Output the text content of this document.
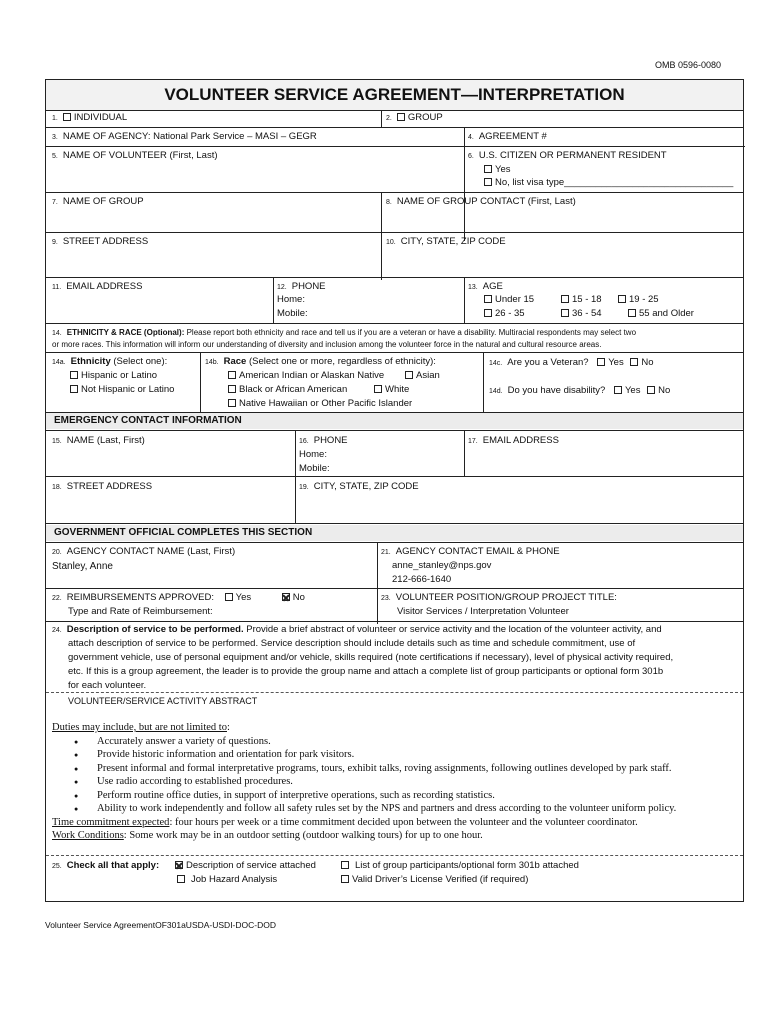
OMB 0596-0080
VOLUNTEER SERVICE AGREEMENT—INTERPRETATION
1. INDIVIDUAL	2. GROUP
3. NAME OF AGENCY: National Park Service – MASI – GEGR	4. AGREEMENT #
5. NAME OF VOLUNTEER (First, Last)	6. U.S. CITIZEN OR PERMANENT RESIDENT
Yes
No, list visa type________________________________
7. NAME OF GROUP	8. NAME OF GROUP CONTACT (First, Last)
9. STREET ADDRESS	10. CITY, STATE, ZIP CODE
11. EMAIL ADDRESS	12. PHONE
Home:
Mobile:
13. AGE
Under 15	15 - 18	19 - 25
26 - 35	36 - 54	55 and Older
14. ETHNICITY & RACE (Optional): Please report both ethnicity and race and tell us if you are a veteran or have a disability. Multiracial respondents may select two
or more races. This information will inform our understanding of diversity and inclusion among the volunteer force in the natural and cultural resource areas.
14a. Ethnicity (Select one):
Hispanic or Latino
Not Hispanic or Latino
14b. Race (Select one or more, regardless of ethnicity):
American Indian or Alaskan Native	Asian
Black or African American	White
Native Hawaiian or Other Pacific Islander
14c. Are you a Veteran? Yes No
14d. Do you have disability? Yes No
EMERGENCY CONTACT INFORMATION
15. NAME (Last, First)	16. PHONE
Home:
Mobile:
17. EMAIL ADDRESS
18. STREET ADDRESS	19. CITY, STATE, ZIP CODE
GOVERNMENT OFFICIAL COMPLETES THIS SECTION
20. AGENCY CONTACT NAME (Last, First)
Stanley, Anne
21. AGENCY CONTACT EMAIL & PHONE
anne_stanley@nps.gov
212-666-1640
22. REIMBURSEMENTS APPROVED: Yes	No
Type and Rate of Reimbursement:
23. VOLUNTEER POSITION/GROUP PROJECT TITLE:
Visitor Services / Interpretation Volunteer
24. Description of service to be performed. Provide a brief abstract of volunteer or service activity and the location of the volunteer activity, and
attach description of service to be performed. Service description should include details such as time and schedule commitment, use of
government vehicle, use of personal equipment and/or vehicle, skills required (note certifications if necessary), level of physical activity required,
etc. If this is a group agreement, the leader is to provide the group name and attach a complete list of group participants or optional form 301b
for each volunteer.
VOLUNTEER/SERVICE ACTIVITY ABSTRACT
Duties may include, but are not limited to:
● Accurately answer a variety of questions.
● Provide historic information and orientation for park visitors.
● Present informal and formal interpretative programs, tours, exhibit talks, roving assignments, following outlines developed by park staff.
● Use radio according to established procedures.
● Perform routine office duties, in support of interpretive operations, such as recording statistics.
● Ability to work independently and follow all safety rules set by the NPS and partners and dress according to the volunteer uniform policy.
Time commitment expected: four hours per week or a time commitment decided upon between the volunteer and the volunteer coordinator.
Work Conditions: Some work may be in an outdoor setting (outdoor walking tours) for up to one hour.
25. Check all that apply:	Description of service attached	List of group participants/optional form 301b attached
Job Hazard Analysis	Valid Driver’s License Verified (if required)
Volunteer Service AgreementOF301aUSDA-USDI-DOC-DOD
